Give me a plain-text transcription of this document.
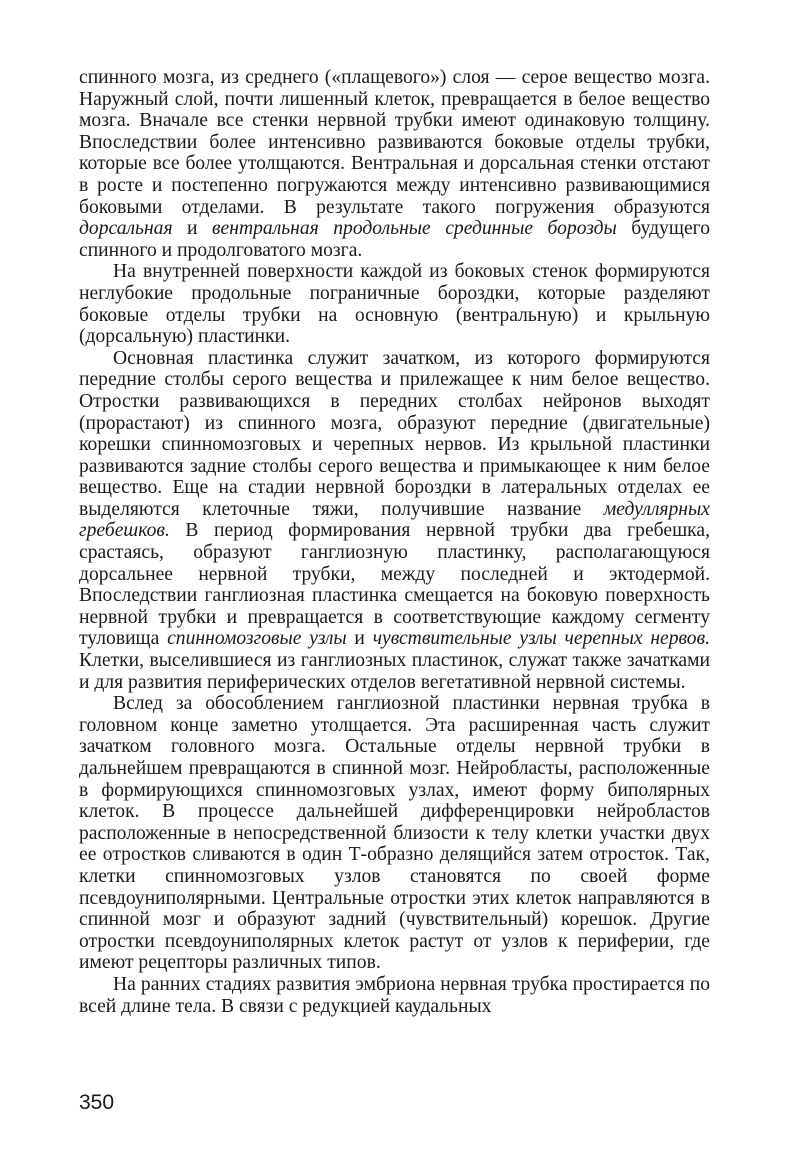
спинного мозга, из среднего («плащевого») слоя — серое вещество мозга. Наружный слой, почти лишенный клеток, превращается в белое вещество мозга. Вначале все стенки нервной трубки имеют одинаковую толщину. Впоследствии более интенсивно развиваются боковые отделы трубки, которые все более утолщаются. Вентральная и дорсальная стенки отстают в росте и постепенно погружаются между интенсивно развивающимися боковыми отделами. В результате такого погружения образуются дорсальная и вентральная продольные срединные борозды будущего спинного и продолговатого мозга.

На внутренней поверхности каждой из боковых стенок формируются неглубокие продольные пограничные бороздки, которые разделяют боковые отделы трубки на основную (вентральную) и крыльную (дорсальную) пластинки.

Основная пластинка служит зачатком, из которого формируются передние столбы серого вещества и прилежащее к ним белое вещество. Отростки развивающихся в передних столбах нейронов выходят (прорастают) из спинного мозга, образуют передние (двигательные) корешки спинномозговых и черепных нервов. Из крыльной пластинки развиваются задние столбы серого вещества и примыкающее к ним белое вещество. Еще на стадии нервной бороздки в латеральных отделах ее выделяются клеточные тяжи, получившие название медуллярных гребешков. В период формирования нервной трубки два гребешка, срастаясь, образуют ганглиозную пластинку, располагающуюся дорсальнее нервной трубки, между последней и эктодермой. Впоследствии ганглиозная пластинка смещается на боковую поверхность нервной трубки и превращается в соответствующие каждому сегменту туловища спинномозговые узлы и чувствительные узлы черепных нервов. Клетки, выселившиеся из ганглиозных пластинок, служат также зачатками и для развития периферических отделов вегетативной нервной системы.

Вслед за обособлением ганглиозной пластинки нервная трубка в головном конце заметно утолщается. Эта расширенная часть служит зачатком головного мозга. Остальные отделы нервной трубки в дальнейшем превращаются в спинной мозг. Нейробласты, расположенные в формирующихся спинномозговых узлах, имеют форму биполярных клеток. В процессе дальнейшей дифференцировки нейробластов расположенные в непосредственной близости к телу клетки участки двух ее отростков сливаются в один Т-образно делящийся затем отросток. Так, клетки спинномозговых узлов становятся по своей форме псевдоуниполярными. Центральные отростки этих клеток направляются в спинной мозг и образуют задний (чувствительный) корешок. Другие отростки псевдоуниполярных клеток растут от узлов к периферии, где имеют рецепторы различных типов.

На ранних стадиях развития эмбриона нервная трубка простирается по всей длине тела. В связи с редукцией каудальных

350
